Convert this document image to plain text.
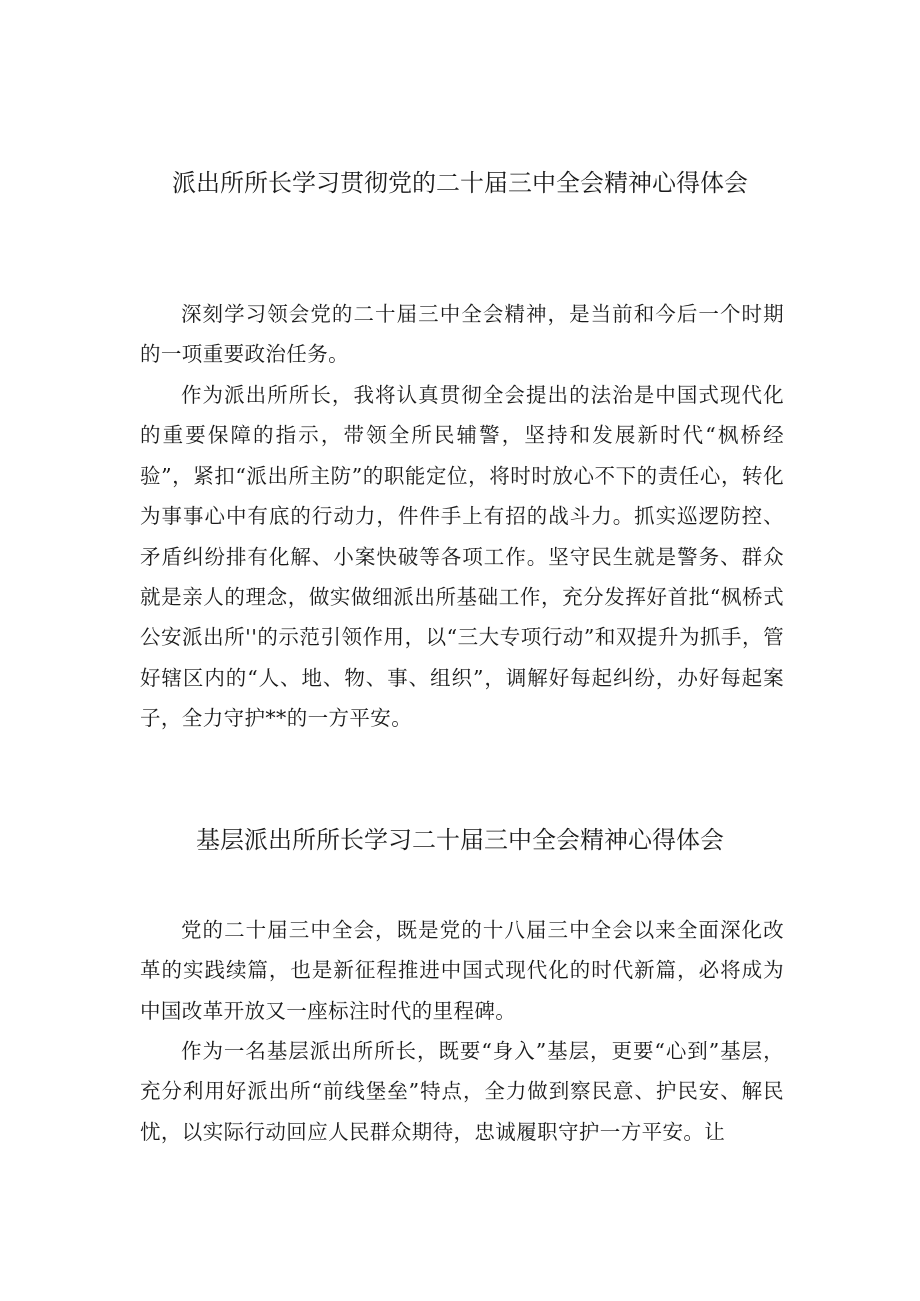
派出所所长学习贯彻党的二十届三中全会精神心得体会

深刻学习领会党的二十届三中全会精神，是当前和今后一个时期的一项重要政治任务。

作为派出所所长，我将认真贯彻全会提出的法治是中国式现代化的重要保障的指示，带领全所民辅警，坚持和发展新时代“枫桥经验”，紧扣“派出所主防”的职能定位，将时时放心不下的责任心，转化为事事心中有底的行动力，件件手上有招的战斗力。抓实巡逻防控、矛盾纠纷排有化解、小案快破等各项工作。坚守民生就是警务、群众就是亲人的理念，做实做细派出所基础工作，充分发挥好首批“枫桥式公安派出所''的示范引领作用，以“三大专项行动”和双提升为抓手，管好辖区内的“人、地、物、事、组织”，调解好每起纠纷，办好每起案子，全力守护**的一方平安。

基层派出所所长学习二十届三中全会精神心得体会

党的二十届三中全会，既是党的十八届三中全会以来全面深化改革的实践续篇，也是新征程推进中国式现代化的时代新篇，必将成为中国改革开放又一座标注时代的里程碑。

作为一名基层派出所所长，既要“身入”基层，更要“心到”基层，充分利用好派出所“前线堡垒”特点，全力做到察民意、护民安、解民忧，以实际行动回应人民群众期待，忠诚履职守护一方平安。让
